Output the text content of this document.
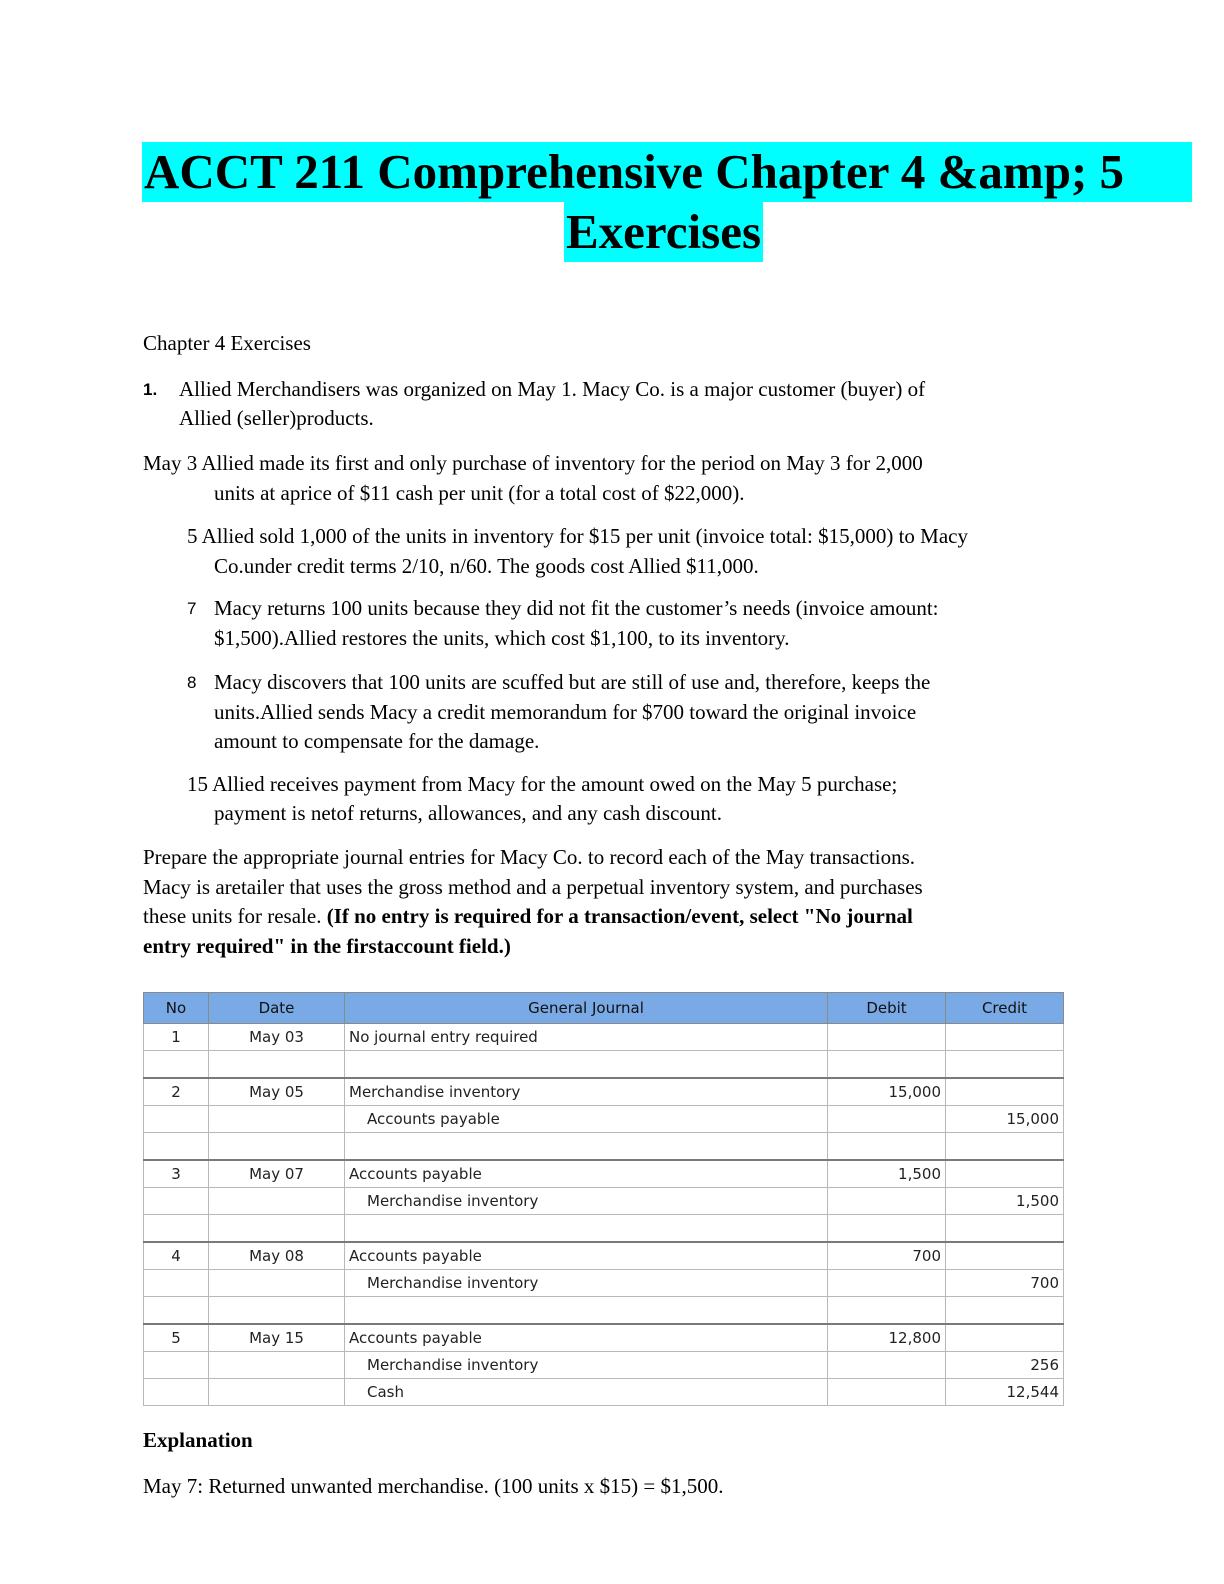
ACCT 211 Comprehensive Chapter 4 &amp; 5
Exercises
Chapter 4 Exercises
1. Allied Merchandisers was organized on May 1. Macy Co. is a major customer (buyer) of
Allied (seller)products.
May 3 Allied made its first and only purchase of inventory for the period on May 3 for 2,000
units at aprice of $11 cash per unit (for a total cost of $22,000).
5 Allied sold 1,000 of the units in inventory for $15 per unit (invoice total: $15,000) to Macy
Co.under credit terms 2/10, n/60. The goods cost Allied $11,000.
7 Macy returns 100 units because they did not fit the customer’s needs (invoice amount:
$1,500).Allied restores the units, which cost $1,100, to its inventory.
8 Macy discovers that 100 units are scuffed but are still of use and, therefore, keeps the
units.Allied sends Macy a credit memorandum for $700 toward the original invoice
amount to compensate for the damage.
15 Allied receives payment from Macy for the amount owed on the May 5 purchase;
payment is netof returns, allowances, and any cash discount.
Prepare the appropriate journal entries for Macy Co. to record each of the May transactions.
Macy is aretailer that uses the gross method and a perpetual inventory system, and purchases
these units for resale. (If no entry is required for a transaction/event, select "No journal
entry required" in the firstaccount field.)
No	Date	General Journal	Debit	Credit
1	May 03	No journal entry required		

2	May 05	Merchandise inventory	15,000	
		Accounts payable		15,000

3	May 07	Accounts payable	1,500	
		Merchandise inventory		1,500

4	May 08	Accounts payable	700	
		Merchandise inventory		700

5	May 15	Accounts payable	12,800	
		Merchandise inventory		256
		Cash		12,544
Explanation
May 7: Returned unwanted merchandise. (100 units x $15) = $1,500.
